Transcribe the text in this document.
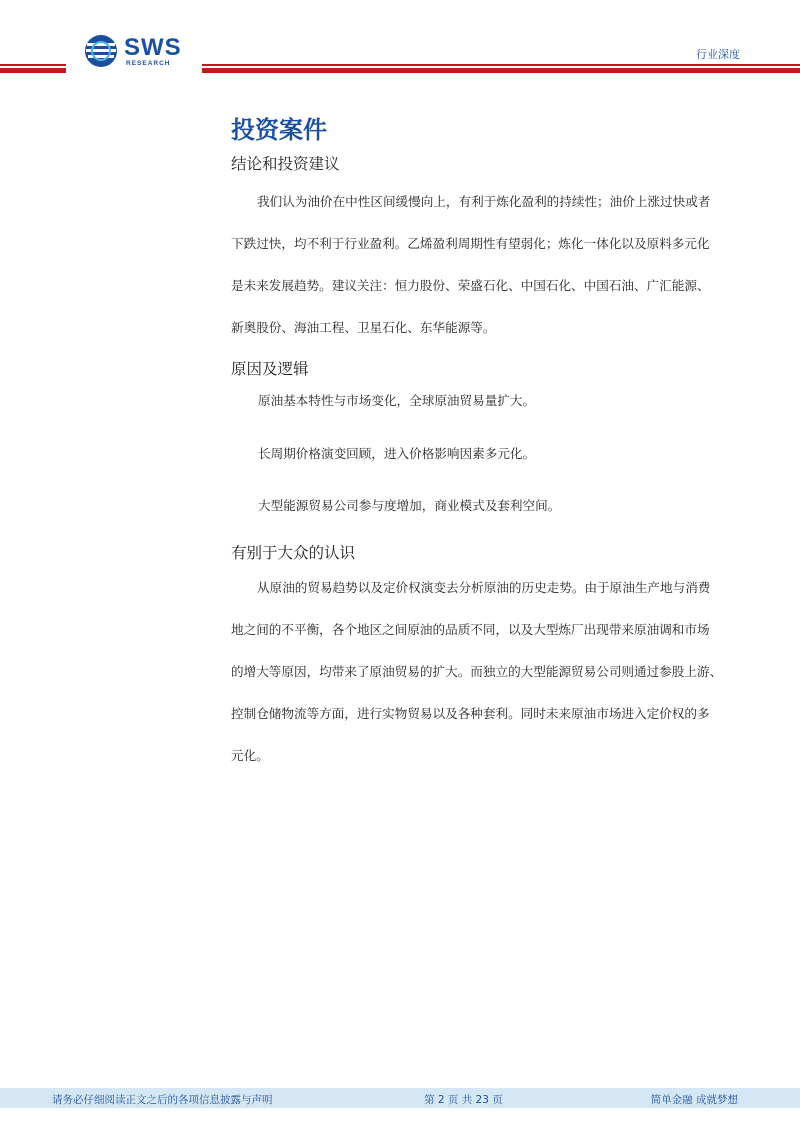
SWS
RESEARCH
行业深度
投资案件
结论和投资建议
我们认为油价在中性区间缓慢向上，有利于炼化盈利的持续性；油价上涨过快或者
下跌过快，均不利于行业盈利。乙烯盈利周期性有望弱化；炼化一体化以及原料多元化
是未来发展趋势。建议关注：恒力股份、荣盛石化、中国石化、中国石油、广汇能源、
新奥股份、海油工程、卫星石化、东华能源等。
原因及逻辑
原油基本特性与市场变化，全球原油贸易量扩大。
长周期价格演变回顾，进入价格影响因素多元化。
大型能源贸易公司参与度增加，商业模式及套利空间。
有别于大众的认识
从原油的贸易趋势以及定价权演变去分析原油的历史走势。由于原油生产地与消费
地之间的不平衡，各个地区之间原油的品质不同，以及大型炼厂出现带来原油调和市场
的增大等原因，均带来了原油贸易的扩大。而独立的大型能源贸易公司则通过参股上游、
控制仓储物流等方面，进行实物贸易以及各种套利。同时未来原油市场进入定价权的多
元化。
请务必仔细阅读正文之后的各项信息披露与声明	第 2 页 共 23 页	简单金融 成就梦想
